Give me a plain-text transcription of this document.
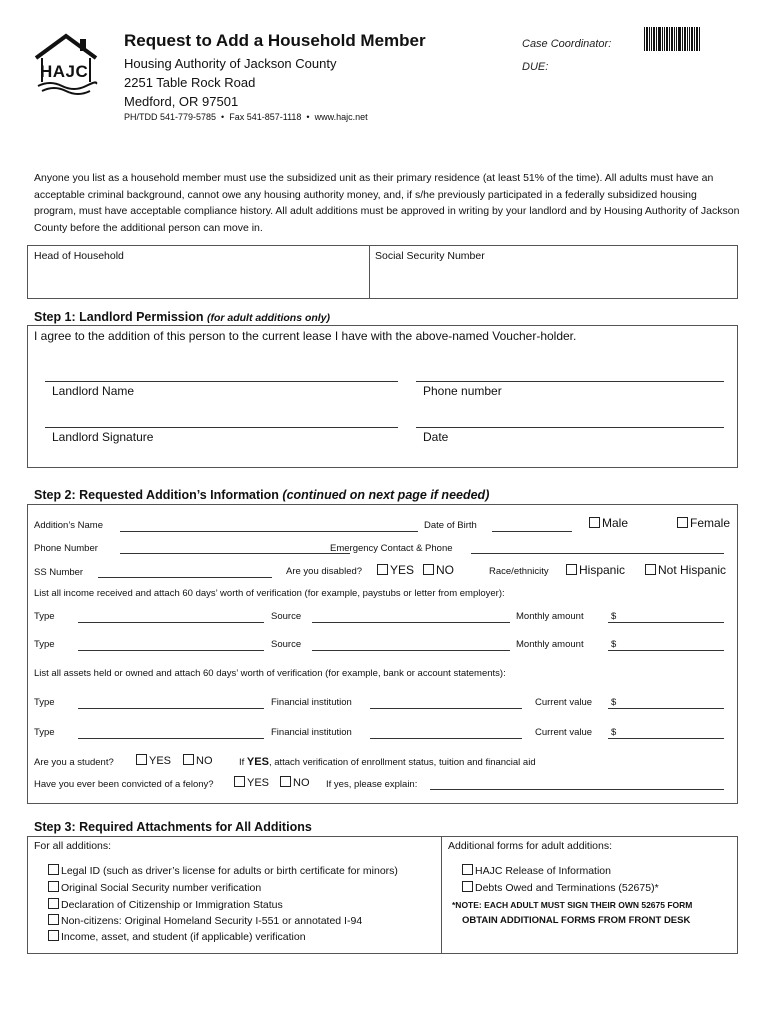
HAJC
Request to Add a Household Member
Housing Authority of Jackson County
2251 Table Rock Road
Medford, OR 97501
PH/TDD 541-779-5785  •  Fax 541-857-1118  •  www.hajc.net
Case Coordinator:
DUE:
Anyone you list as a household member must use the subsidized unit as their primary residence (at least 51% of the time). All adults must have an acceptable criminal background, cannot owe any housing authority money, and, if s/he previously participated in a federally subsidized housing program, must have acceptable compliance history. All adult additions must be approved in writing by your landlord and by Housing Authority of Jackson County before the additional person can move in.
Head of Household	Social Security Number
Step 1: Landlord Permission (for adult additions only)
I agree to the addition of this person to the current lease I have with the above-named Voucher-holder.
Landlord Name	Phone number
Landlord Signature	Date
Step 2: Requested Addition’s Information (continued on next page if needed)
Addition’s Name	Date of Birth	Male	Female
Phone Number	Emergency Contact & Phone
SS Number	Are you disabled?	YES	NO	Race/ethnicity	Hispanic	Not Hispanic
List all income received and attach 60 days’ worth of verification (for example, paystubs or letter from employer):
Type	Source	Monthly amount	$
Type	Source	Monthly amount	$
List all assets held or owned and attach 60 days’ worth of verification (for example, bank or account statements):
Type	Financial institution	Current value $
Type	Financial institution	Current value $
Are you a student?	YES	NO	If YES, attach verification of enrollment status, tuition and financial aid
Have you ever been convicted of a felony?	YES	NO If yes, please explain:
Step 3: Required Attachments for All Additions
For all additions:	Additional forms for adult additions:
Legal ID (such as driver’s license for adults or birth certificate for minors)
Original Social Security number verification
Declaration of Citizenship or Immigration Status
Non-citizens: Original Homeland Security I-551 or annotated I-94
Income, asset, and student (if applicable) verification
HAJC Release of Information
Debts Owed and Terminations (52675)*
*NOTE: EACH ADULT MUST SIGN THEIR OWN 52675 FORM
OBTAIN ADDITIONAL FORMS FROM FRONT DESK
